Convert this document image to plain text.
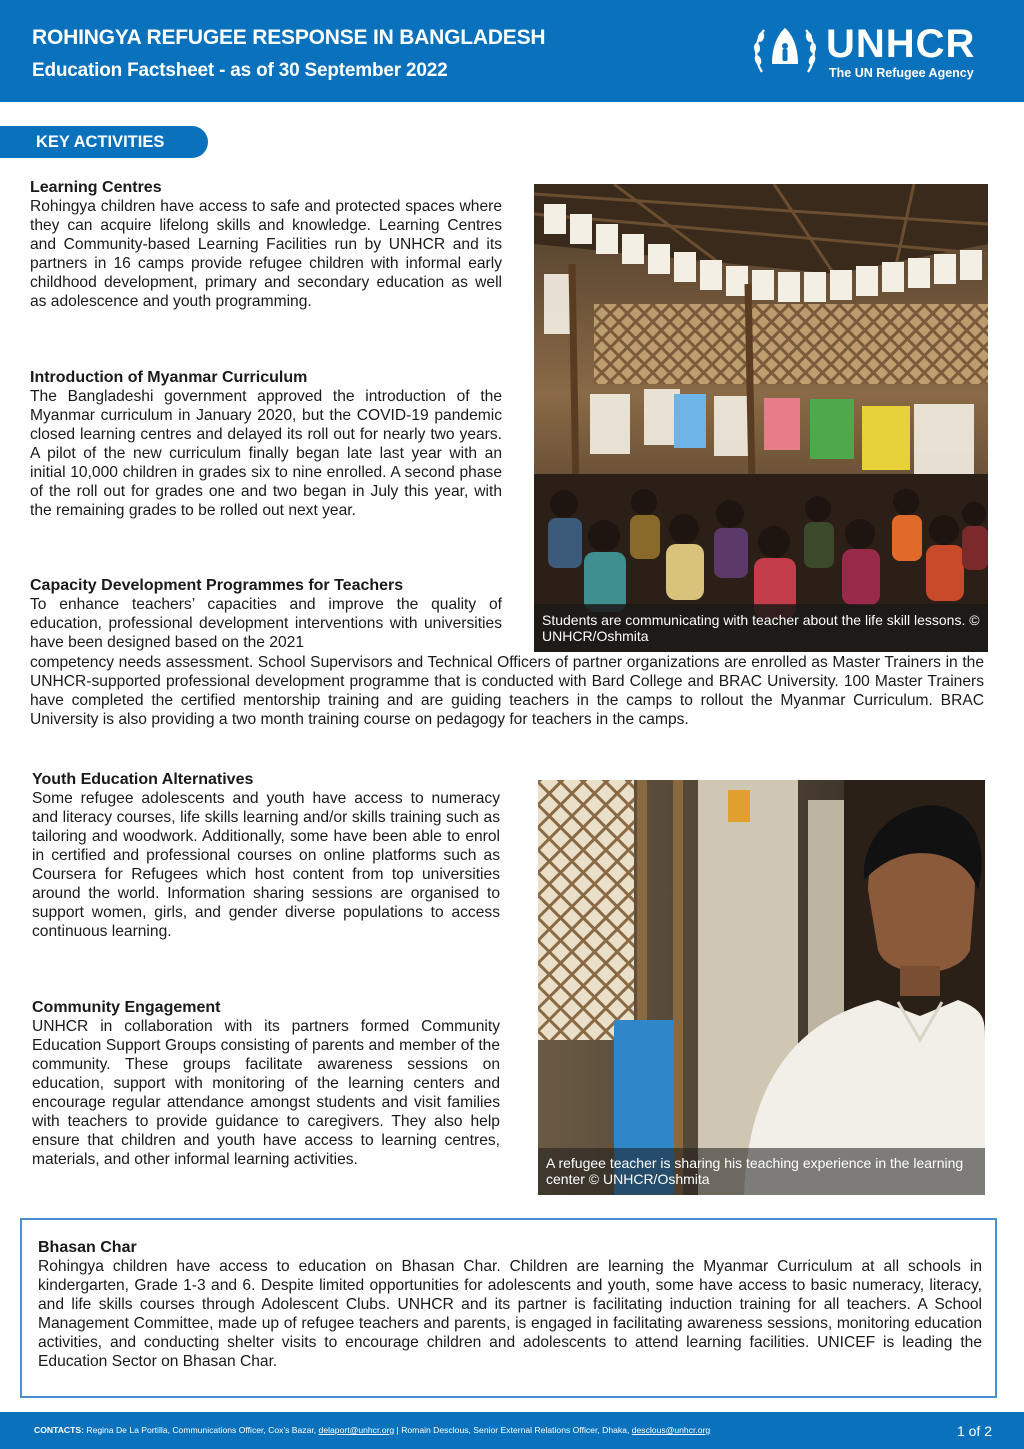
ROHINGYA REFUGEE RESPONSE IN BANGLADESH
Education Factsheet - as of 30 September 2022
UNHCR
The UN Refugee Agency
KEY ACTIVITIES
Learning Centres

Rohingya children have access to safe and protected spaces where they can acquire lifelong skills and knowledge. Learning Centres and Community-based Learning Facilities run by UNHCR and its partners in 16 camps provide refugee children with informal early childhood development, primary and secondary education as well as adolescence and youth programming.

Introduction of Myanmar Curriculum

The Bangladeshi government approved the introduction of the Myanmar curriculum in January 2020, but the COVID-19 pandemic closed learning centres and delayed its roll out for nearly two years. A pilot of the new curriculum finally began late last year with an initial 10,000 children in grades six to nine enrolled. A second phase of the roll out for grades one and two began in July this year, with the remaining grades to be rolled out next year.

Capacity Development Programmes for Teachers

To enhance teachers’ capacities and improve the quality of education, professional development interventions with universities have been designed based on the 2021

competency needs assessment. School Supervisors and Technical Officers of partner organizations are enrolled as Master Trainers in the UNHCR-supported professional development programme that is conducted with Bard College and BRAC University. 100 Master Trainers have completed the certified mentorship training and are guiding teachers in the camps to rollout the Myanmar Curriculum. BRAC University is also providing a two month training course on pedagogy for teachers in the camps.

Students are communicating with teacher about the life skill lessons. © UNHCR/Oshmita
Youth Education Alternatives

Some refugee adolescents and youth have access to numeracy and literacy courses, life skills learning and/or skills training such as tailoring and woodwork. Additionally, some have been able to enrol in certified and professional courses on online platforms such as Coursera for Refugees which host content from top universities around the world. Information sharing sessions are organised to support women, girls, and gender diverse populations to access continuous learning.

Community Engagement

UNHCR in collaboration with its partners formed Community Education Support Groups consisting of parents and member of the community. These groups facilitate awareness sessions on education, support with monitoring of the learning centers and encourage regular attendance amongst students and visit families with teachers to provide guidance to caregivers. They also help ensure that children and youth have access to learning centres, materials, and other informal learning activities.	A refugee teacher is sharing his teaching experience in the learning center © UNHCR/Oshmita
Bhasan Char

Rohingya children have access to education on Bhasan Char. Children are learning the Myanmar Curriculum at all schools in kindergarten, Grade 1-3 and 6. Despite limited opportunities for adolescents and youth, some have access to basic numeracy, literacy, and life skills courses through Adolescent Clubs. UNHCR and its partner is facilitating induction training for all teachers. A School Management Committee, made up of refugee teachers and parents, is engaged in facilitating awareness sessions, monitoring education activities, and conducting shelter visits to encourage children and adolescents to attend learning facilities. UNICEF is leading the Education Sector on Bhasan Char.

CONTACTS: Regina De La Portilla, Communications Officer, Cox's Bazar, delaport@unhcr.org | Romain Desclous, Senior External Relations Officer, Dhaka, desclous@unhcr.org	1 of 2
